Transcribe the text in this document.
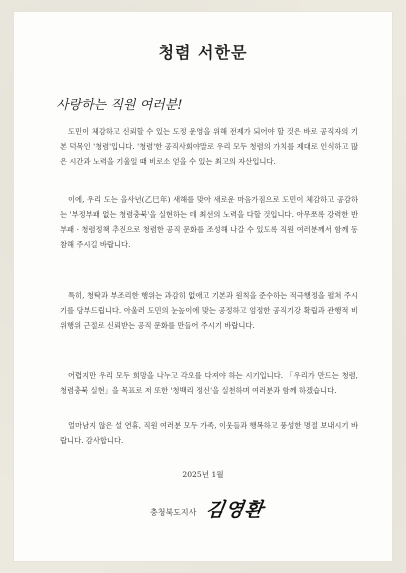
청렴 서한문
사랑하는 직원 여러분!
도민이 체감하고 신뢰할 수 있는 도정 운영을 위해 전제가 되어야 할 것은 바로 공직자의 기본 덕목인 '청렴'입니다. '청렴'한 공직사회야말로 우리 모두 청렴의 가치를 제대로 인식하고 많은 시간과 노력을 기울일 때 비로소 얻을 수 있는 최고의 자산입니다.
이에, 우리 도는 을사년(乙巳年) 새해를 맞아 새로운 마음가짐으로 도민이 체감하고 공감하는 '부정부패 없는 청렴충북'을 실현하는 데 최선의 노력을 다할 것입니다. 아무쪼록 강력한 반부패 · 청렴정책 추진으로 청렴한 공직 문화를 조성해 나갈 수 있도록 직원 여러분께서 함께 동참해 주시길 바랍니다.
특히, 청탁과 부조리한 행위는 과감히 없애고 기본과 원칙을 준수하는 적극행정을 펼쳐 주시기를 당부드립니다. 아울러 도민의 눈높이에 맞는 공정하고 엄정한 공직기강 확립과 관행적 비위행위 근절로 신뢰받는 공직 문화를 만들어 주시기 바랍니다.
어렵지만 우리 모두 희망을 나누고 각오를 다져야 하는 시기입니다. 「우리가 만드는 청렴, 청렴충북 실현」을 목표로 저 또한 '청백리 정신'을 실천하며 여러분과 함께 하겠습니다.
얼마남지 않은 설 연휴, 직원 여러분 모두 가족, 이웃들과 행복하고 풍성한 명절 보내시기 바랍니다. 감사합니다.
2025년 1월
충청북도지사 김영환
